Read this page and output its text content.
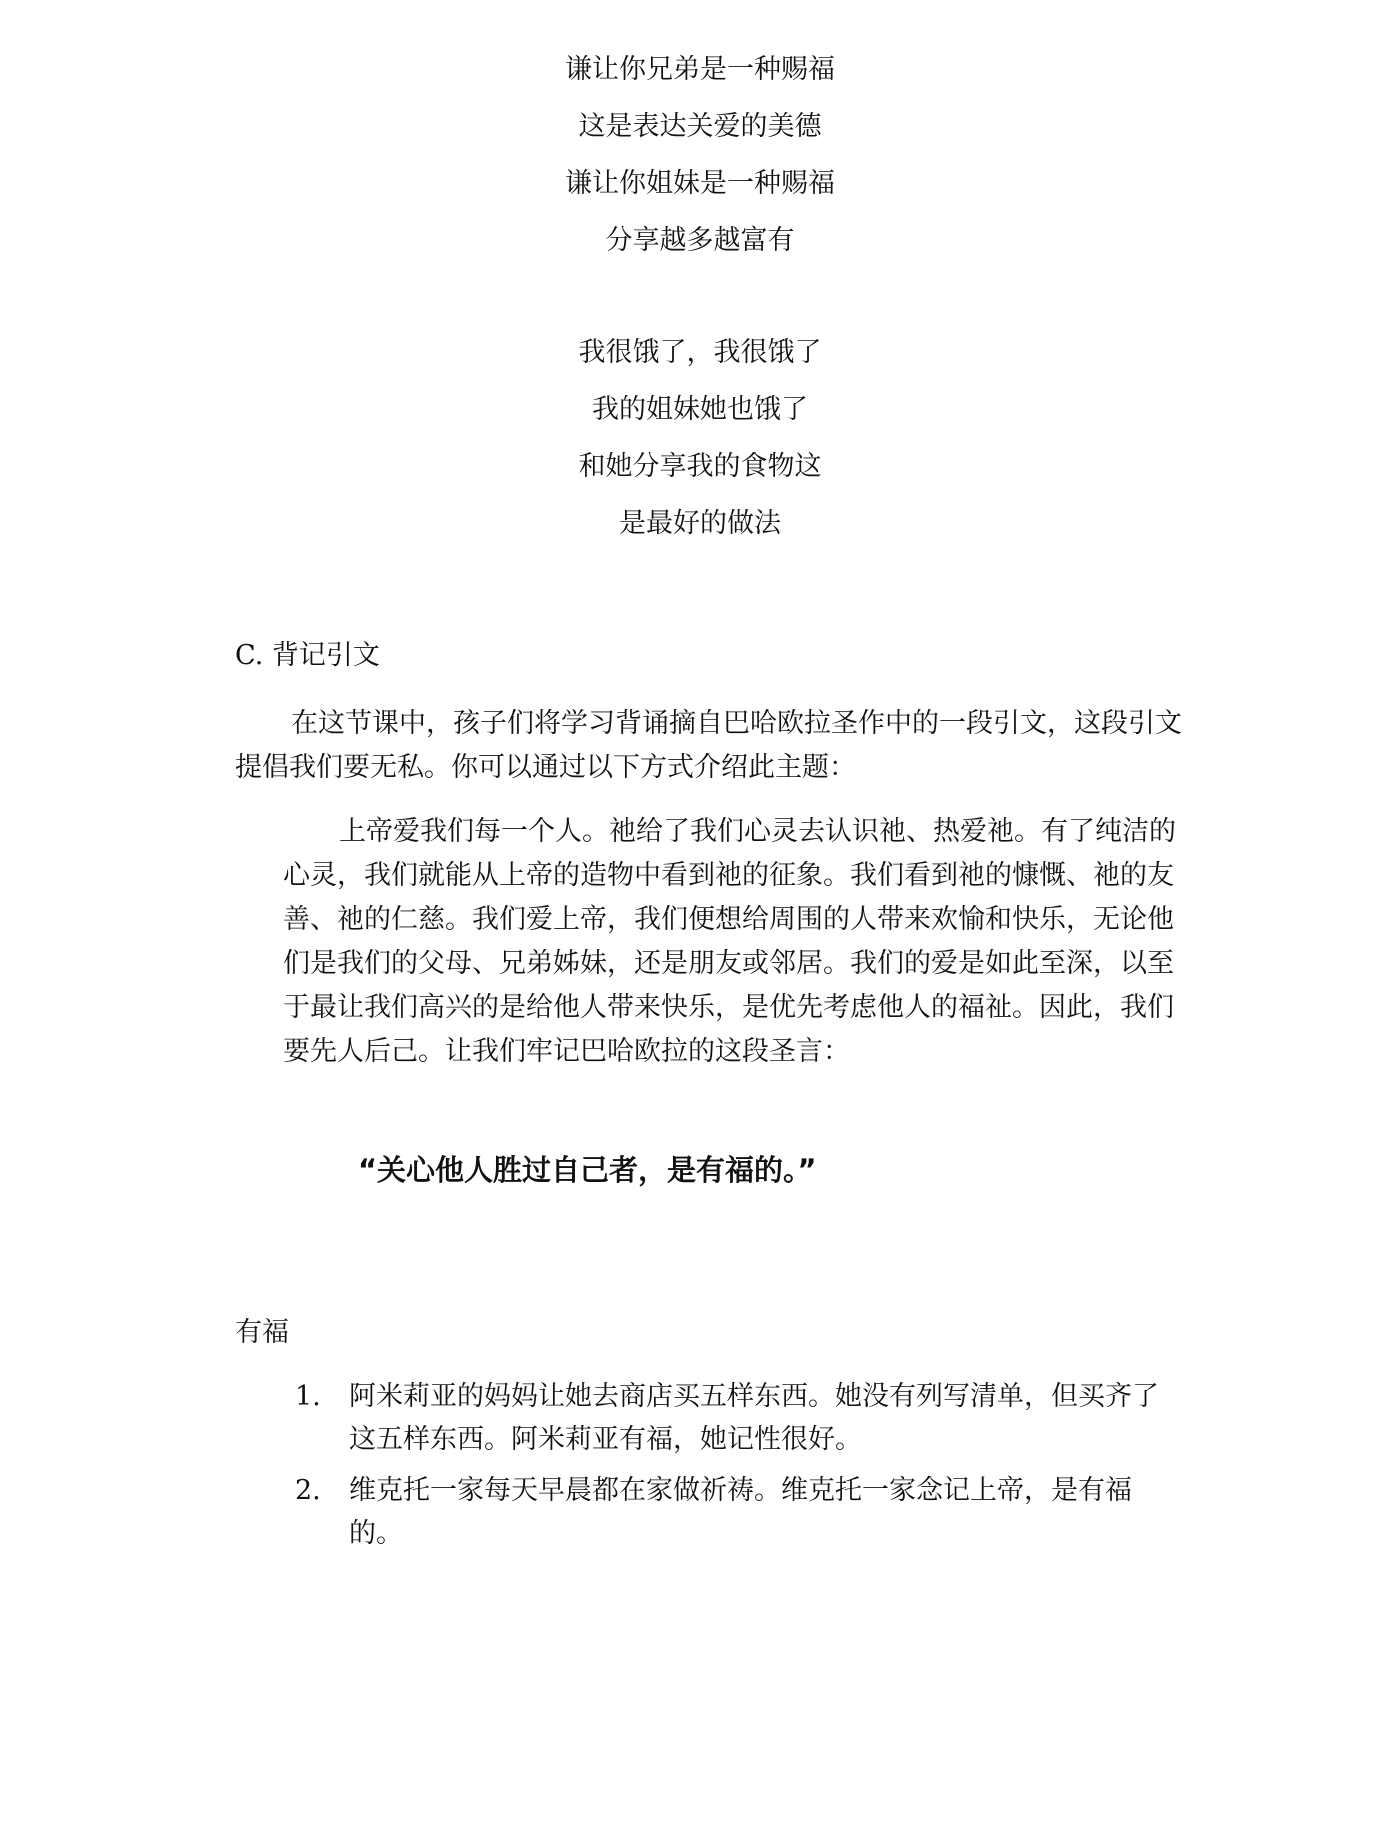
谦让你兄弟是一种赐福
这是表达关爱的美德
谦让你姐妹是一种赐福
分享越多越富有
我很饿了，我很饿了
我的姐妹她也饿了
和她分享我的食物这
是最好的做法
C. 背记引文

在这节课中，孩子们将学习背诵摘自巴哈欧拉圣作中的一段引文，这段引文提倡我们要无私。你可以通过以下方式介绍此主题：

上帝爱我们每一个人。祂给了我们心灵去认识祂、热爱祂。有了纯洁的心灵，我们就能从上帝的造物中看到祂的征象。我们看到祂的慷慨、祂的友善、祂的仁慈。我们爱上帝，我们便想给周围的人带来欢愉和快乐，无论他们是我们的父母、兄弟姊妹，还是朋友或邻居。我们的爱是如此至深，以至于最让我们高兴的是给他人带来快乐，是优先考虑他人的福祉。因此，我们要先人后己。让我们牢记巴哈欧拉的这段圣言：

“关心他人胜过自己者，是有福的。”
有福
1. 阿米莉亚的妈妈让她去商店买五样东西。她没有列写清单，但买齐了这五样东西。阿米莉亚有福，她记性很好。
2. 维克托一家每天早晨都在家做祈祷。维克托一家念记上帝，是有福的。
